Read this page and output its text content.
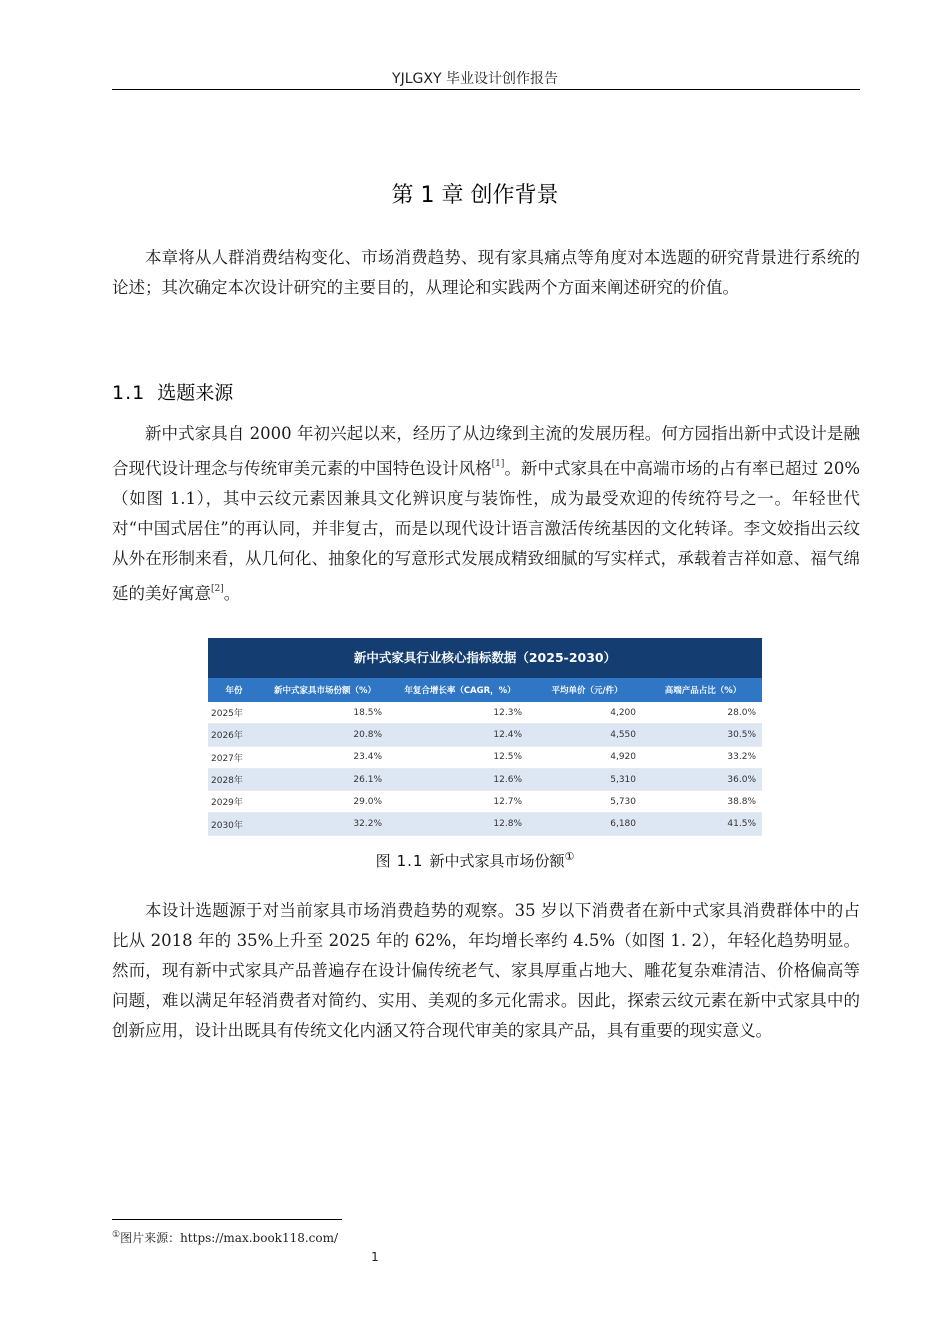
YJLGXY 毕业设计创作报告
第 1 章 创作背景

本章将从人群消费结构变化、市场消费趋势、现有家具痛点等角度对本选题的研究背景进行系统的论述；其次确定本次设计研究的主要目的，从理论和实践两个方面来阐述研究的价值。

1.1 选题来源

新中式家具自 2000 年初兴起以来，经历了从边缘到主流的发展历程。何方园指出新中式设计是融合现代设计理念与传统审美元素的中国特色设计风格[1]。新中式家具在中高端市场的占有率已超过 20%（如图 1.1），其中云纹元素因兼具文化辨识度与装饰性，成为最受欢迎的传统符号之一。年轻世代对“中国式居住”的再认同，并非复古，而是以现代设计语言激活传统基因的文化转译。李文姣指出云纹从外在形制来看，从几何化、抽象化的写意形式发展成精致细腻的写实样式，承载着吉祥如意、福气绵延的美好寓意[2]。

新中式家具行业核心指标数据（2025-2030）
年份	新中式家具市场份额（%）	年复合增长率（CAGR，%）	平均单价（元/件）	高端产品占比（%）
2025年	18.5%	12.3%	4,200	28.0%
2026年	20.8%	12.4%	4,550	30.5%
2027年	23.4%	12.5%	4,920	33.2%
2028年	26.1%	12.6%	5,310	36.0%
2029年	29.0%	12.7%	5,730	38.8%
2030年	32.2%	12.8%	6,180	41.5%
图 1.1 新中式家具市场份额①

本设计选题源于对当前家具市场消费趋势的观察。35 岁以下消费者在新中式家具消费群体中的占比从 2018 年的 35%上升至 2025 年的 62%，年均增长率约 4.5%（如图 1. 2），年轻化趋势明显。然而，现有新中式家具产品普遍存在设计偏传统老气、家具厚重占地大、雕花复杂难清洁、价格偏高等问题，难以满足年轻消费者对简约、实用、美观的多元化需求。因此，探索云纹元素在新中式家具中的创新应用，设计出既具有传统文化内涵又符合现代审美的家具产品，具有重要的现实意义。

①图片来源：https://max.book118.com/
1
